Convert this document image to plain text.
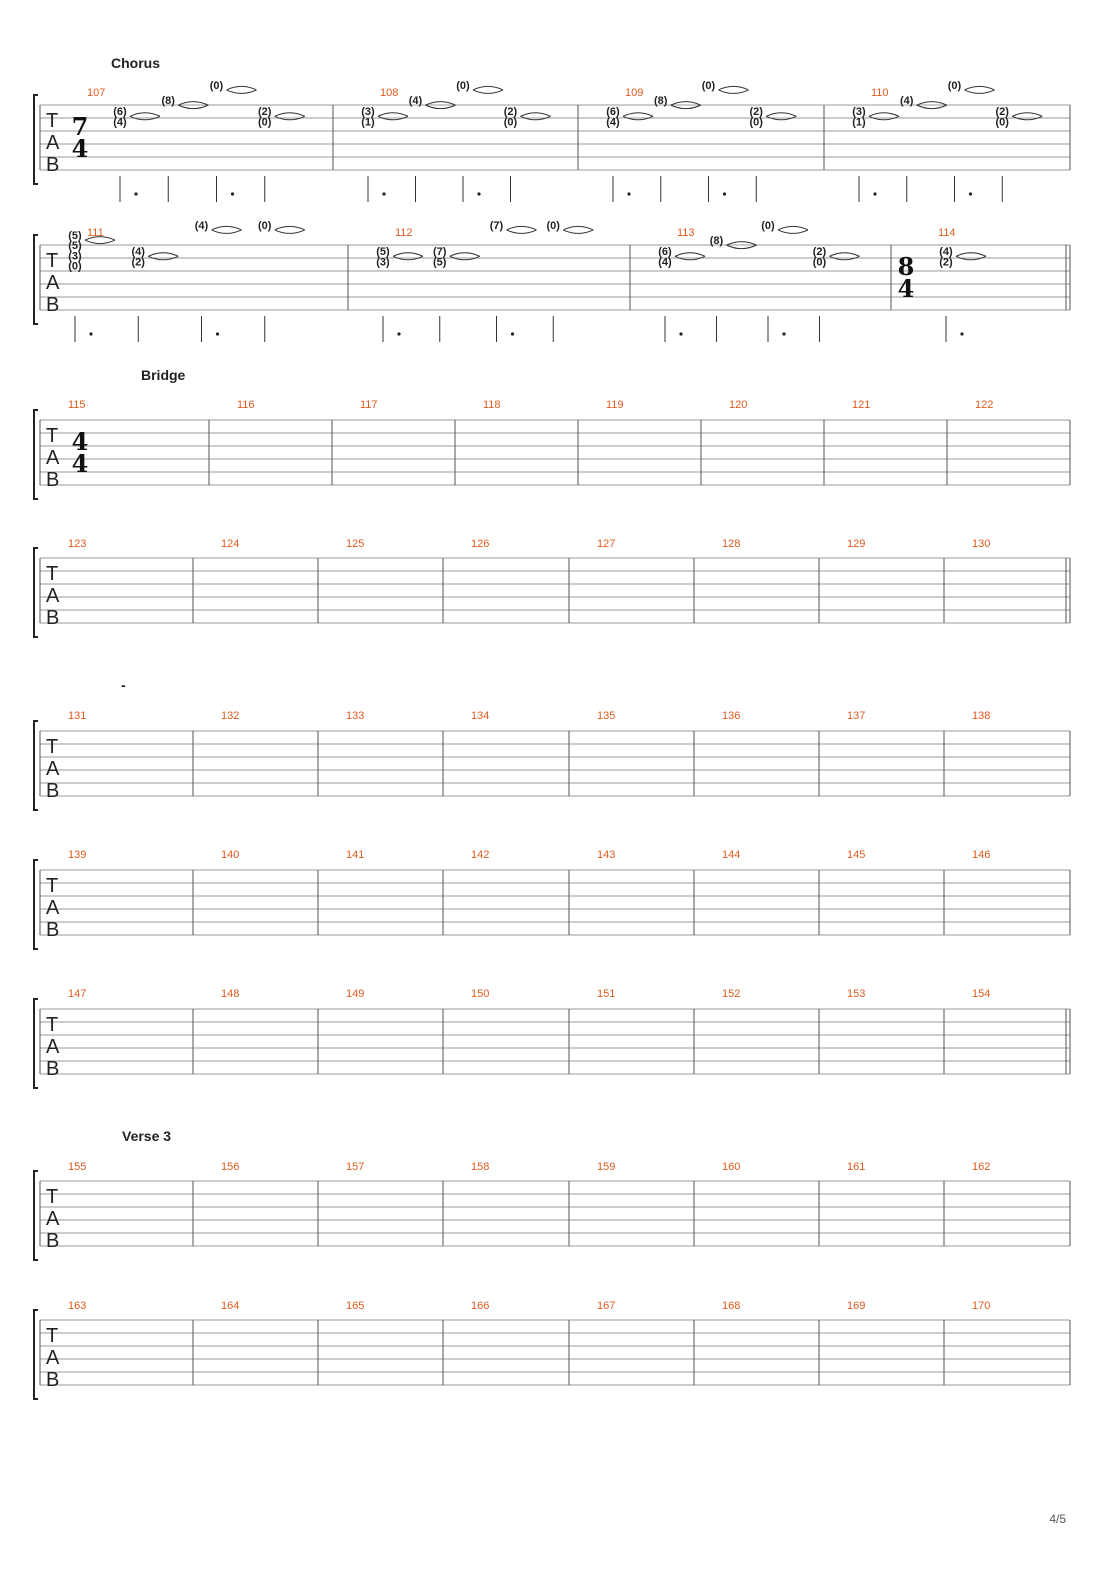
Chorus
T
A
B
7
4
107
(6)
(4)
(8)
(0)
(2)
(0)
108
(3)
(1)
(4)
(0)
(2)
(0)
109
(6)
(4)
(8)
(0)
(2)
(0)
110
(3)
(1)
(4)
(0)
(2)
(0)
T
A
B
111
(5)
(5)
(3)
(0)
(4)
(2)
(4)	(0)
112
(5)
(3)
(7)
(5)
(7)	(0)
113
(6)
(4)
(8)
(0)
(2)
(0)
114
8
4
(4)
(2)
Bridge
T
A
B
4
4
115	116	117	118	119	120	121	122
T
A
B
123	124	125	126	127	128	129	130
-
T
A
B
131	132	133	134	135	136	137	138
T
A
B
139	140	141	142	143	144	145	146
T
A
B
147	148	149	150	151	152	153	154
Verse 3
T
A
B
155	156	157	158	159	160	161	162
T
A
B
163	164	165	166	167	168	169	170
4/5
